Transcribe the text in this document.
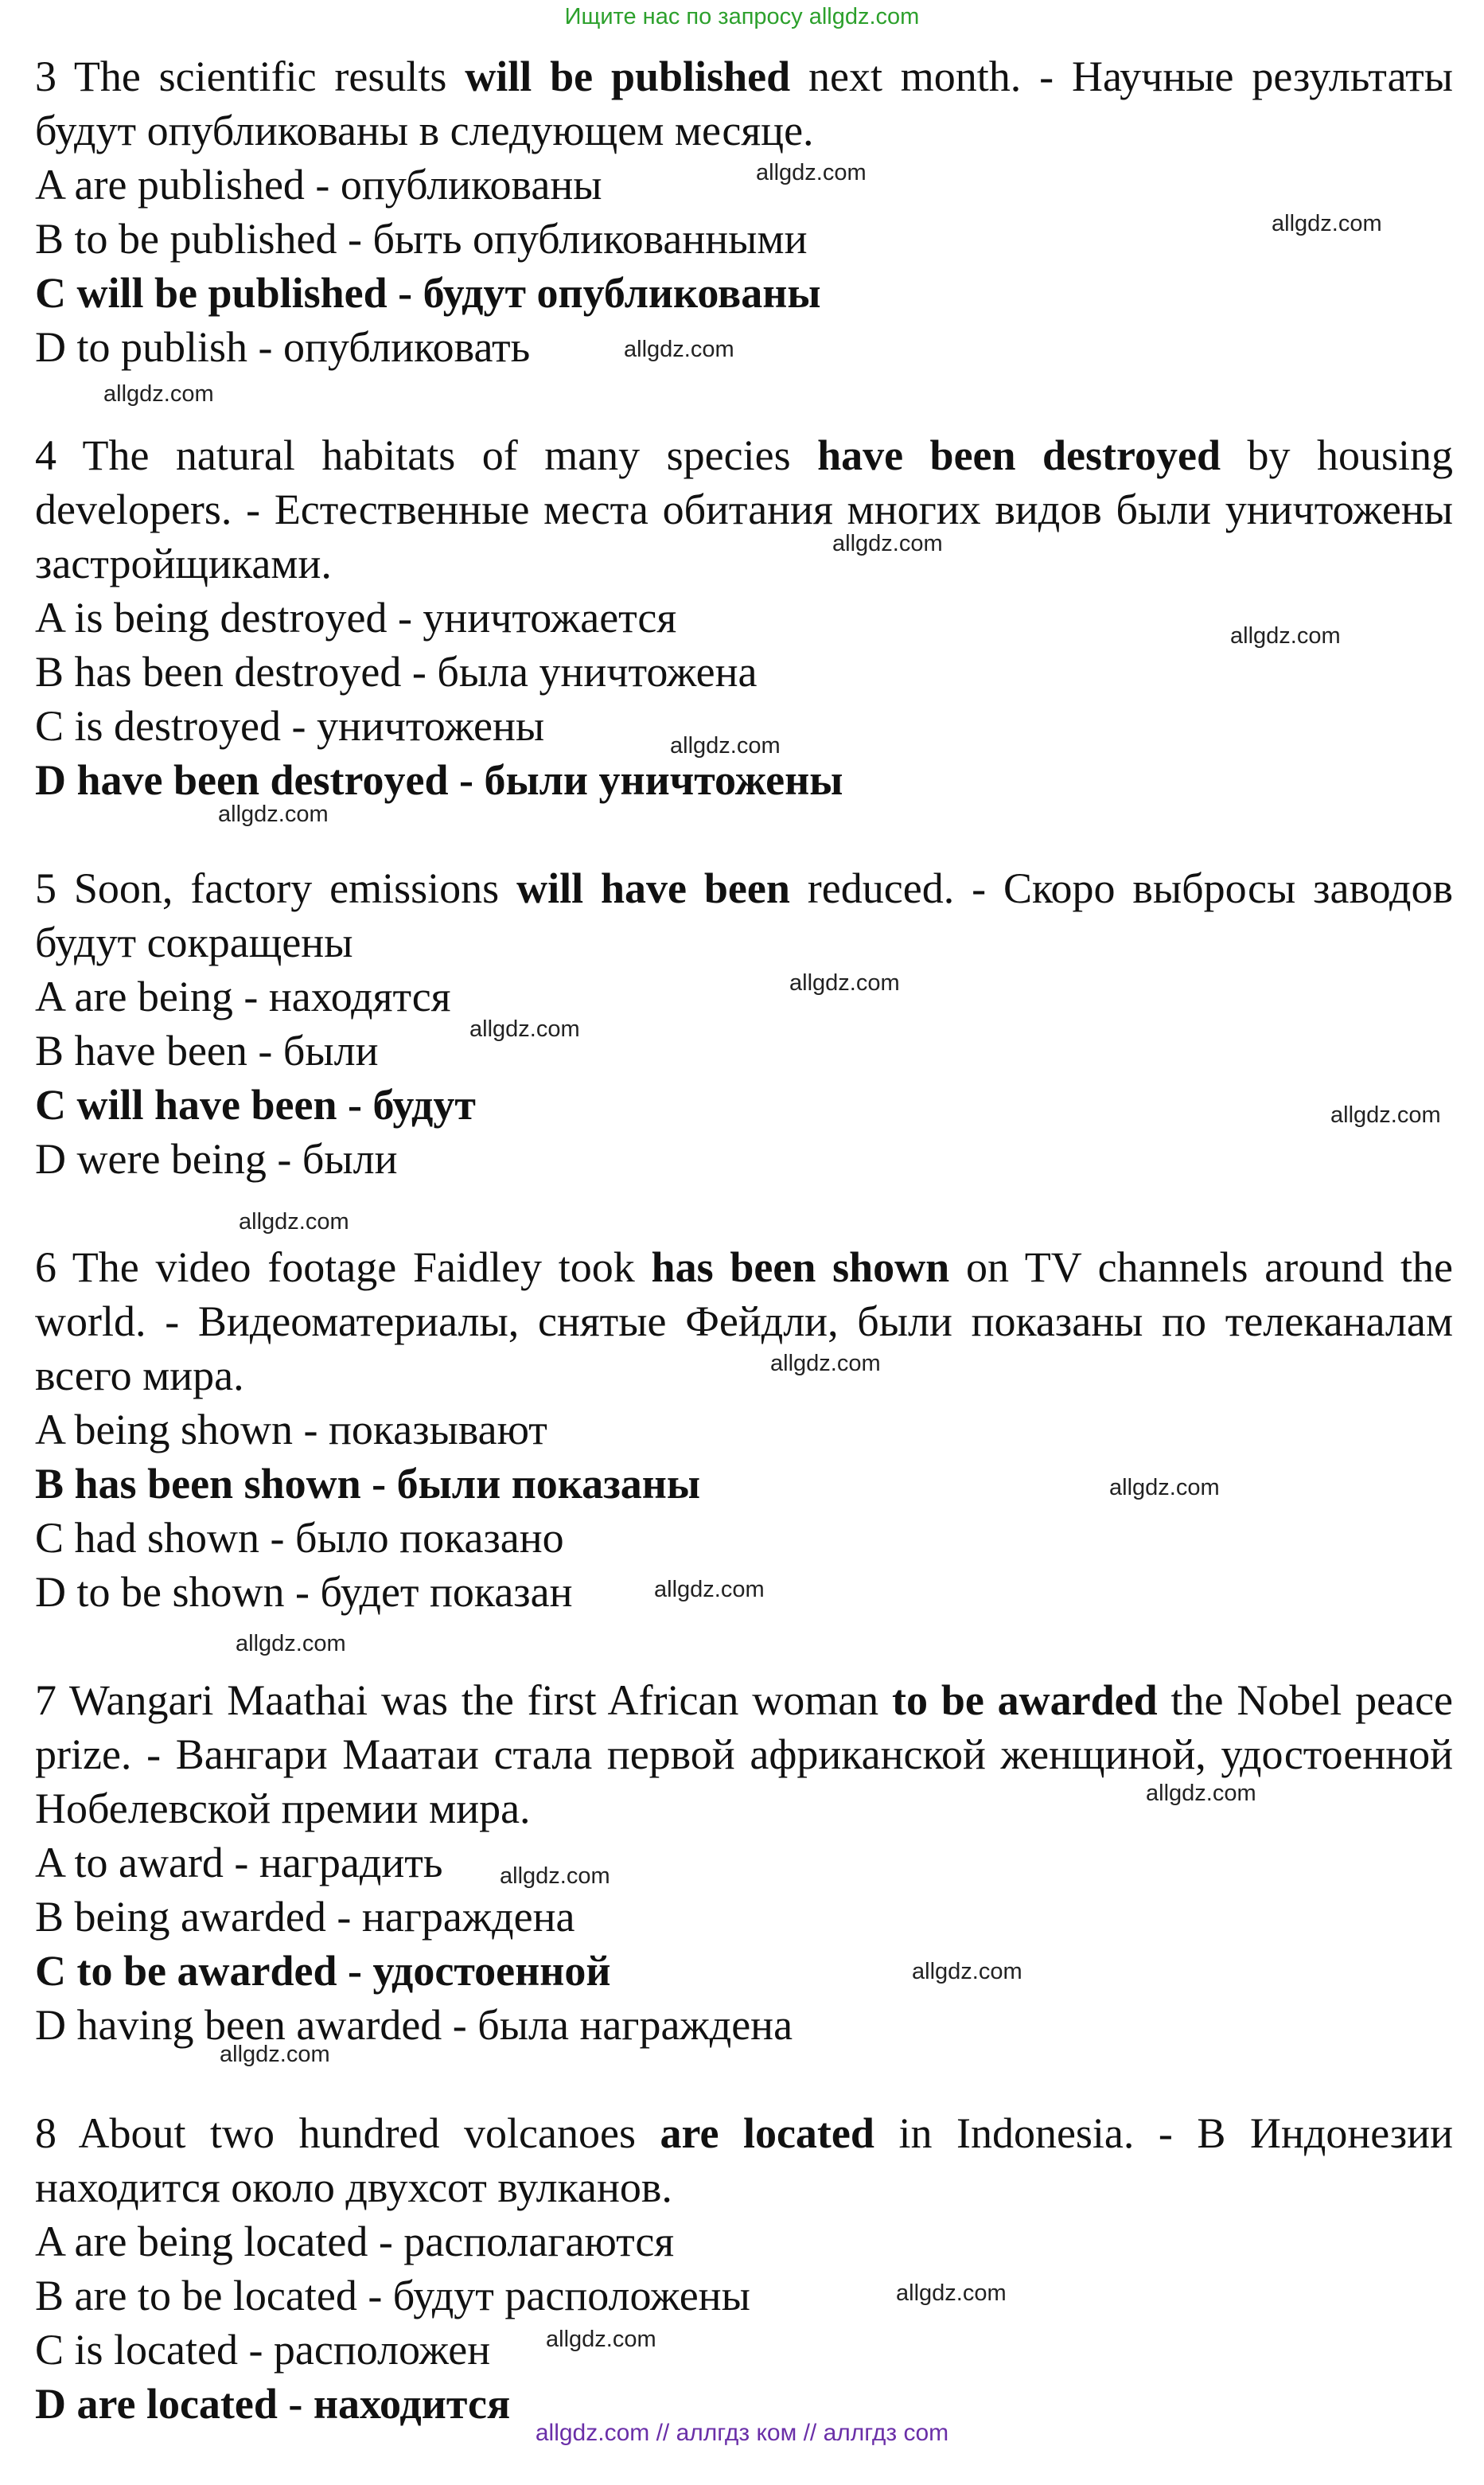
Ищите нас по запросу allgdz.com

3 The scientific results will be published next month. - Научные результаты будут опубликованы в следующем месяце.

A are published - опубликованы

B to be published - быть опубликованными

C will be published - будут опубликованы

D to publish - опубликовать

4 The natural habitats of many species have been destroyed by housing developers. - Естественные места обитания многих видов были уничтожены застройщиками.

A is being destroyed - уничтожается

B has been destroyed - была уничтожена

C is destroyed - уничтожены

D have been destroyed - были уничтожены

5 Soon, factory emissions will have been reduced. - Скоро выбросы заводов будут сокращены

A are being - находятся

B have been - были

C will have been - будут

D were being - были

6 The video footage Faidley took has been shown on TV channels around the world. - Видеоматериалы, снятые Фейдли, были показаны по телеканалам всего мира.

A being shown - показывают

B has been shown - были показаны

C had shown - было показано

D to be shown - будет показан

7 Wangari Maathai was the first African woman to be awarded the Nobel peace prize. - Вангари Маатаи стала первой африканской женщиной, удостоенной Нобелевской премии мира.

A to award - наградить

B being awarded - награждена

C to be awarded - удостоенной

D having been awarded - была награждена

8 About two hundred volcanoes are located in Indonesia. - В Индонезии находится около двухсот вулканов.

A are being located - располагаются

B are to be located - будут расположены

C is located - расположен

D are located - находится

allgdz.com
allgdz.com
allgdz.com
allgdz.com
allgdz.com
allgdz.com
allgdz.com
allgdz.com
allgdz.com
allgdz.com
allgdz.com
allgdz.com
allgdz.com
allgdz.com
allgdz.com
allgdz.com
allgdz.com
allgdz.com
allgdz.com
allgdz.com
allgdz.com
allgdz.com
allgdz.com // аллгдз ком // аллгдз com
